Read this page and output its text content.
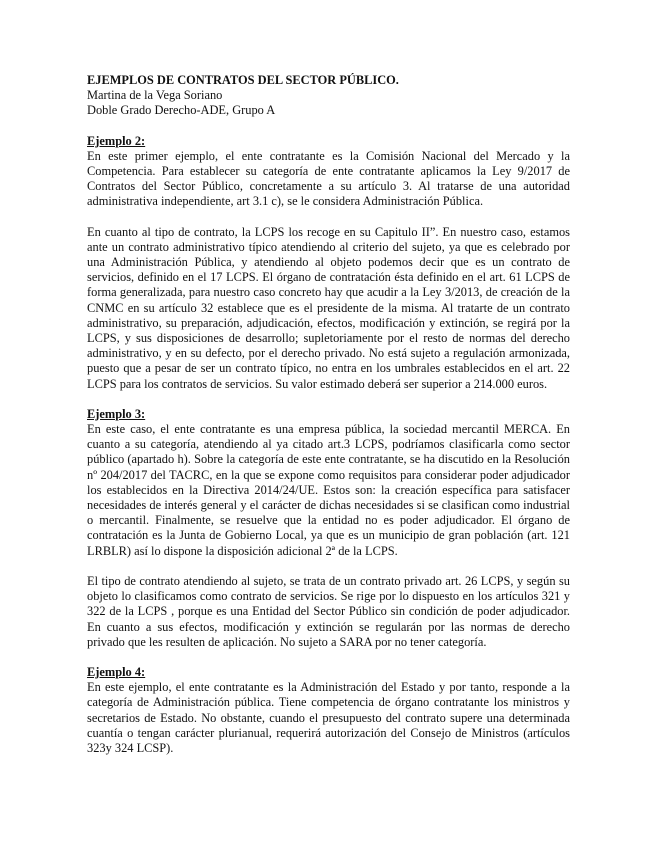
EJEMPLOS DE CONTRATOS DEL SECTOR PÚBLICO.

Martina de la Vega Soriano

Doble Grado Derecho-ADE, Grupo A

Ejemplo 2:

En este primer ejemplo, el ente contratante es la Comisión Nacional del Mercado y la Competencia. Para establecer su categoría de ente contratante aplicamos la Ley 9/2017 de Contratos del Sector Público, concretamente a su artículo 3. Al tratarse de una autoridad administrativa independiente, art 3.1 c), se le considera Administración Pública.

En cuanto al tipo de contrato, la LCPS los recoge en su Capitulo II”. En nuestro caso, estamos ante un contrato administrativo típico atendiendo al criterio del sujeto, ya que es celebrado por una Administración Pública, y atendiendo al objeto podemos decir que es un contrato de servicios, definido en el 17 LCPS. El órgano de contratación ésta definido en el art. 61 LCPS de forma generalizada, para nuestro caso concreto hay que acudir a la Ley 3/2013, de creación de la CNMC en su artículo 32 establece que es el presidente de la misma. Al tratarte de un contrato administrativo, su preparación, adjudicación, efectos, modificación y extinción, se regirá por la LCPS, y sus disposiciones de desarrollo; supletoriamente por el resto de normas del derecho administrativo, y en su defecto, por el derecho privado. No está sujeto a regulación armonizada, puesto que a pesar de ser un contrato típico, no entra en los umbrales establecidos en el art. 22 LCPS para los contratos de servicios. Su valor estimado deberá ser superior a 214.000 euros.

Ejemplo 3:

En este caso, el ente contratante es una empresa pública, la sociedad mercantil MERCA. En cuanto a su categoría, atendiendo al ya citado art.3 LCPS, podríamos clasificarla como sector público (apartado h). Sobre la categoría de este ente contratante, se ha discutido en la Resolución nº 204/2017 del TACRC, en la que se expone como requisitos para considerar poder adjudicador los establecidos en la Directiva 2014/24/UE. Estos son: la creación específica para satisfacer necesidades de interés general y el carácter de dichas necesidades si se clasifican como industrial o mercantil. Finalmente, se resuelve que la entidad no es poder adjudicador. El órgano de contratación es la Junta de Gobierno Local, ya que es un municipio de gran población (art. 121 LRBLR) así lo dispone la disposición adicional 2ª de la LCPS.

El tipo de contrato atendiendo al sujeto, se trata de un contrato privado art. 26 LCPS, y según su objeto lo clasificamos como contrato de servicios. Se rige por lo dispuesto en los artículos 321 y 322 de la LCPS , porque es una Entidad del Sector Público sin condición de poder adjudicador. En cuanto a sus efectos, modificación y extinción se regularán por las normas de derecho privado que les resulten de aplicación. No sujeto a SARA por no tener categoría.

Ejemplo 4:

En este ejemplo, el ente contratante es la Administración del Estado y por tanto, responde a la categoría de Administración pública. Tiene competencia de órgano contratante los ministros y secretarios de Estado. No obstante, cuando el presupuesto del contrato supere una determinada cuantía o tengan carácter plurianual, requerirá autorización del Consejo de Ministros (artículos 323y 324 LCSP).
